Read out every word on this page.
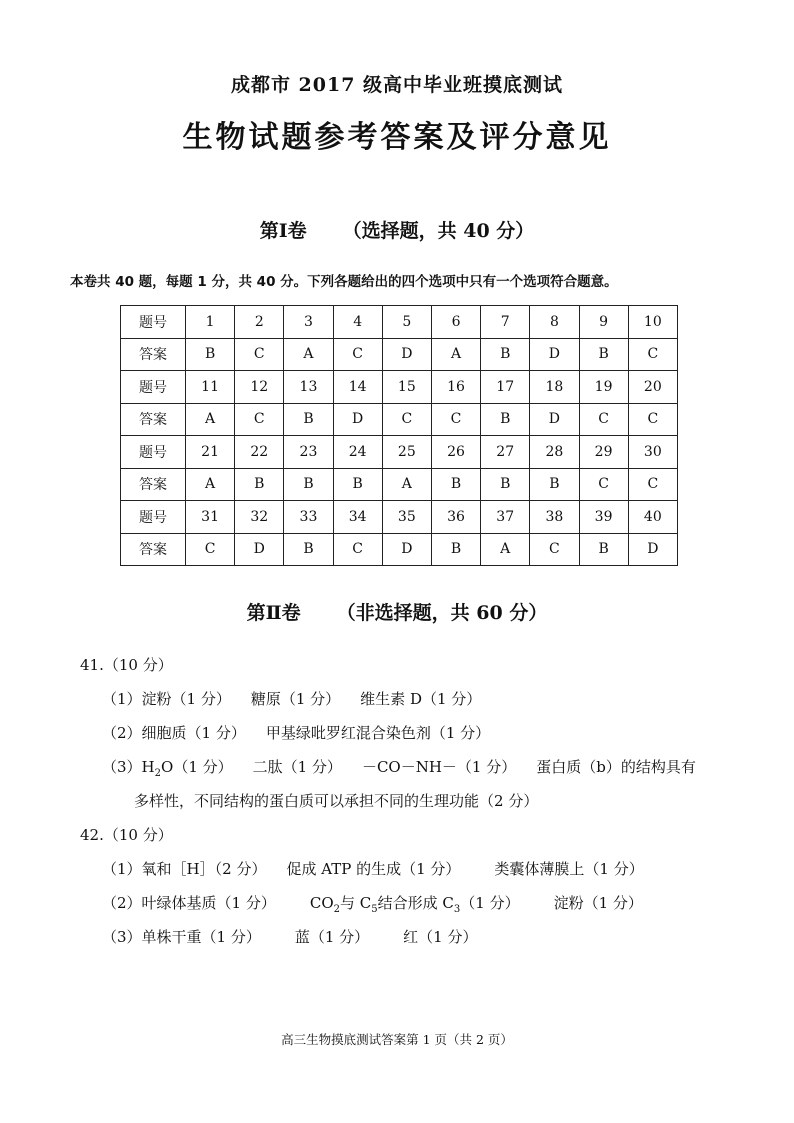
成都市 2017 级高中毕业班摸底测试
生物试题参考答案及评分意见
第Ⅰ卷 （选择题，共 40 分）
本卷共 40 题，每题 1 分，共 40 分。下列各题给出的四个选项中只有一个选项符合题意。
题号	1	2	3	4	5	6	7	8	9	10
答案	B	C	A	C	D	A	B	D	B	C
题号	11	12	13	14	15	16	17	18	19	20
答案	A	C	B	D	C	C	B	D	C	C
题号	21	22	23	24	25	26	27	28	29	30
答案	A	B	B	B	A	B	B	B	C	C
题号	31	32	33	34	35	36	37	38	39	40
答案	C	D	B	C	D	B	A	C	B	D
第Ⅱ卷 （非选择题，共 60 分）
41.（10 分）
（1）淀粉（1 分） 糖原（1 分） 维生素 D（1 分）
（2）细胞质（1 分） 甲基绿吡罗红混合染色剂（1 分）
$(3)H_2O(1$ 分） 二肽（1 分） －CO－NH－（1 分） 蛋白质（b）的结构具有
多样性，不同结构的蛋白质可以承担不同的生理功能（2 分）
42.（10 分）
（1）氧和［H］（2 分） 促成 ATP 的生成（1 分） 类囊体薄膜上（1 分）
（2）叶绿体基质（1 分） $CO_2$与 $C_5$结合形成 $C_3(1$ 分） 淀粉（1 分）
（3）单株干重（1 分） 蓝（1 分） 红（1 分）
高三生物摸底测试答案第 1 页（共 2 页）
